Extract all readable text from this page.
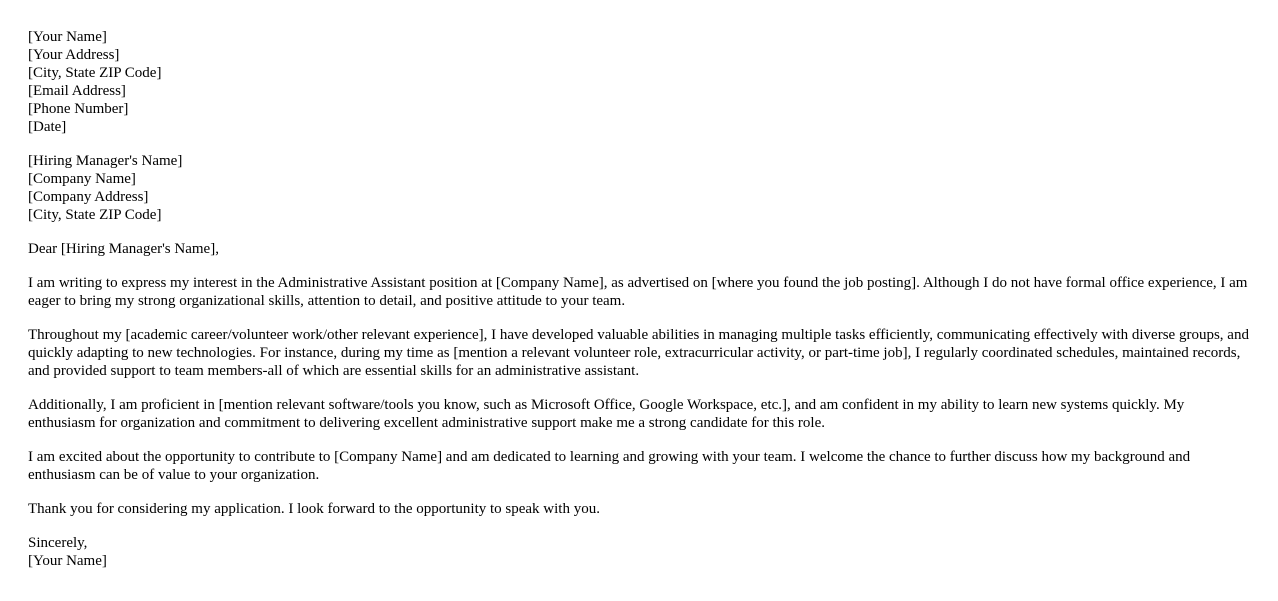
[Your Name]
[Your Address]
[City, State ZIP Code]
[Email Address]
[Phone Number]
[Date]
[Hiring Manager's Name]
[Company Name]
[Company Address]
[City, State ZIP Code]

Dear [Hiring Manager's Name],

I am writing to express my interest in the Administrative Assistant position at [Company Name], as advertised on [where you found the job posting]. Although I do not have formal office experience, I am eager to bring my strong organizational skills, attention to detail, and positive attitude to your team.

Throughout my [academic career/volunteer work/other relevant experience], I have developed valuable abilities in managing multiple tasks efficiently, communicating effectively with diverse groups, and quickly adapting to new technologies. For instance, during my time as [mention a relevant volunteer role, extracurricular activity, or part-time job], I regularly coordinated schedules, maintained records, and provided support to team members-all of which are essential skills for an administrative assistant.

Additionally, I am proficient in [mention relevant software/tools you know, such as Microsoft Office, Google Workspace, etc.], and am confident in my ability to learn new systems quickly. My enthusiasm for organization and commitment to delivering excellent administrative support make me a strong candidate for this role.

I am excited about the opportunity to contribute to [Company Name] and am dedicated to learning and growing with your team. I welcome the chance to further discuss how my background and enthusiasm can be of value to your organization.

Thank you for considering my application. I look forward to the opportunity to speak with you.

Sincerely,
[Your Name]
